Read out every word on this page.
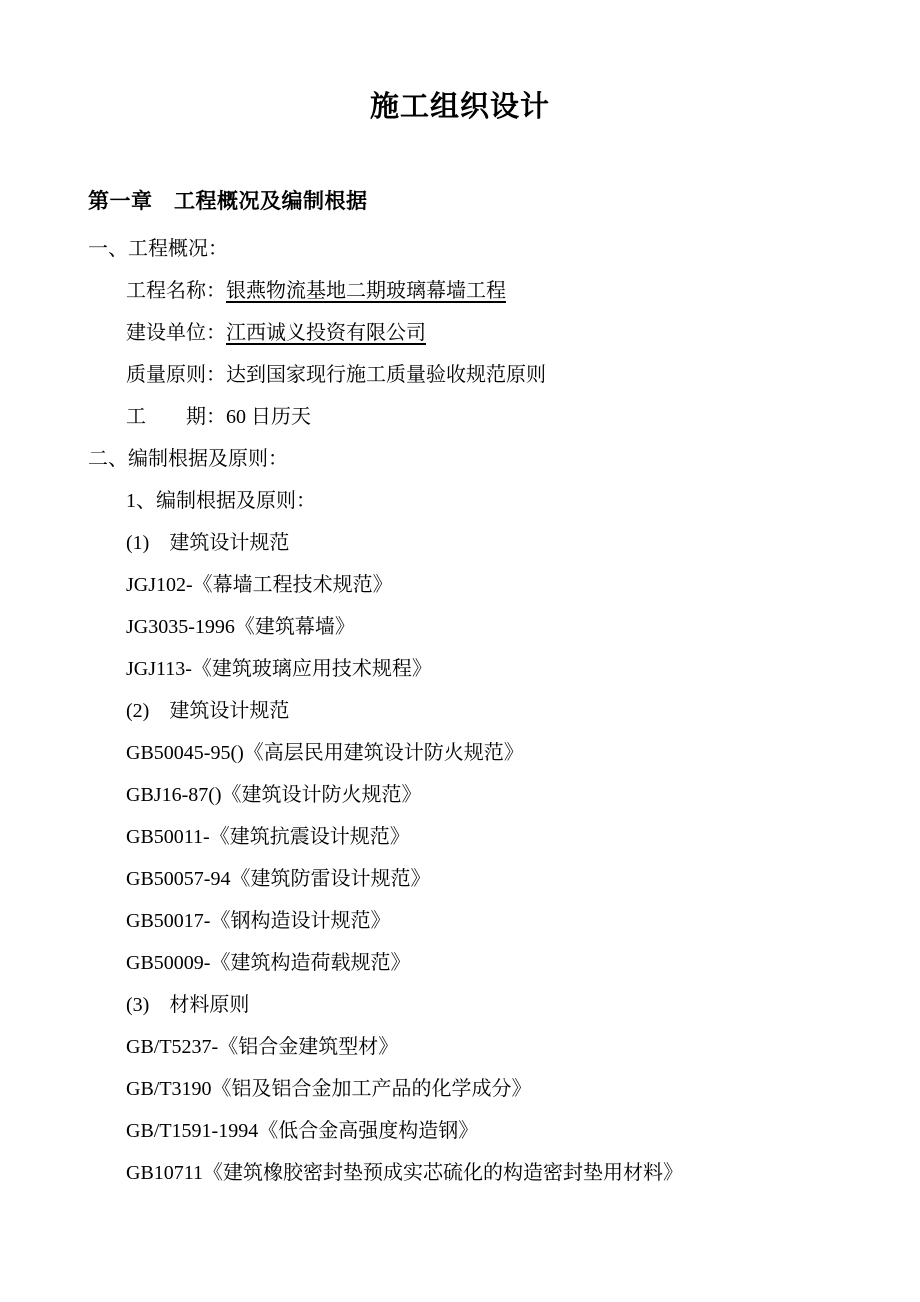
施工组织设计
第一章　工程概况及编制根据

一、工程概况：

工程名称：银燕物流基地二期玻璃幕墙工程

建设单位：江西诚义投资有限公司

质量原则：达到国家现行施工质量验收规范原则

工　　期：60 日历天

二、编制根据及原则：

1、编制根据及原则：

(1)　建筑设计规范

JGJ102-《幕墙工程技术规范》

JG3035-1996《建筑幕墙》

JGJ113-《建筑玻璃应用技术规程》

(2)　建筑设计规范

GB50045-95()《高层民用建筑设计防火规范》

GBJ16-87()《建筑设计防火规范》

GB50011-《建筑抗震设计规范》

GB50057-94《建筑防雷设计规范》

GB50017-《钢构造设计规范》

GB50009-《建筑构造荷载规范》

(3)　材料原则

GB/T5237-《铝合金建筑型材》

GB/T3190《铝及铝合金加工产品的化学成分》

GB/T1591-1994《低合金高强度构造钢》

GB10711《建筑橡胶密封垫预成实芯硫化的构造密封垫用材料》
